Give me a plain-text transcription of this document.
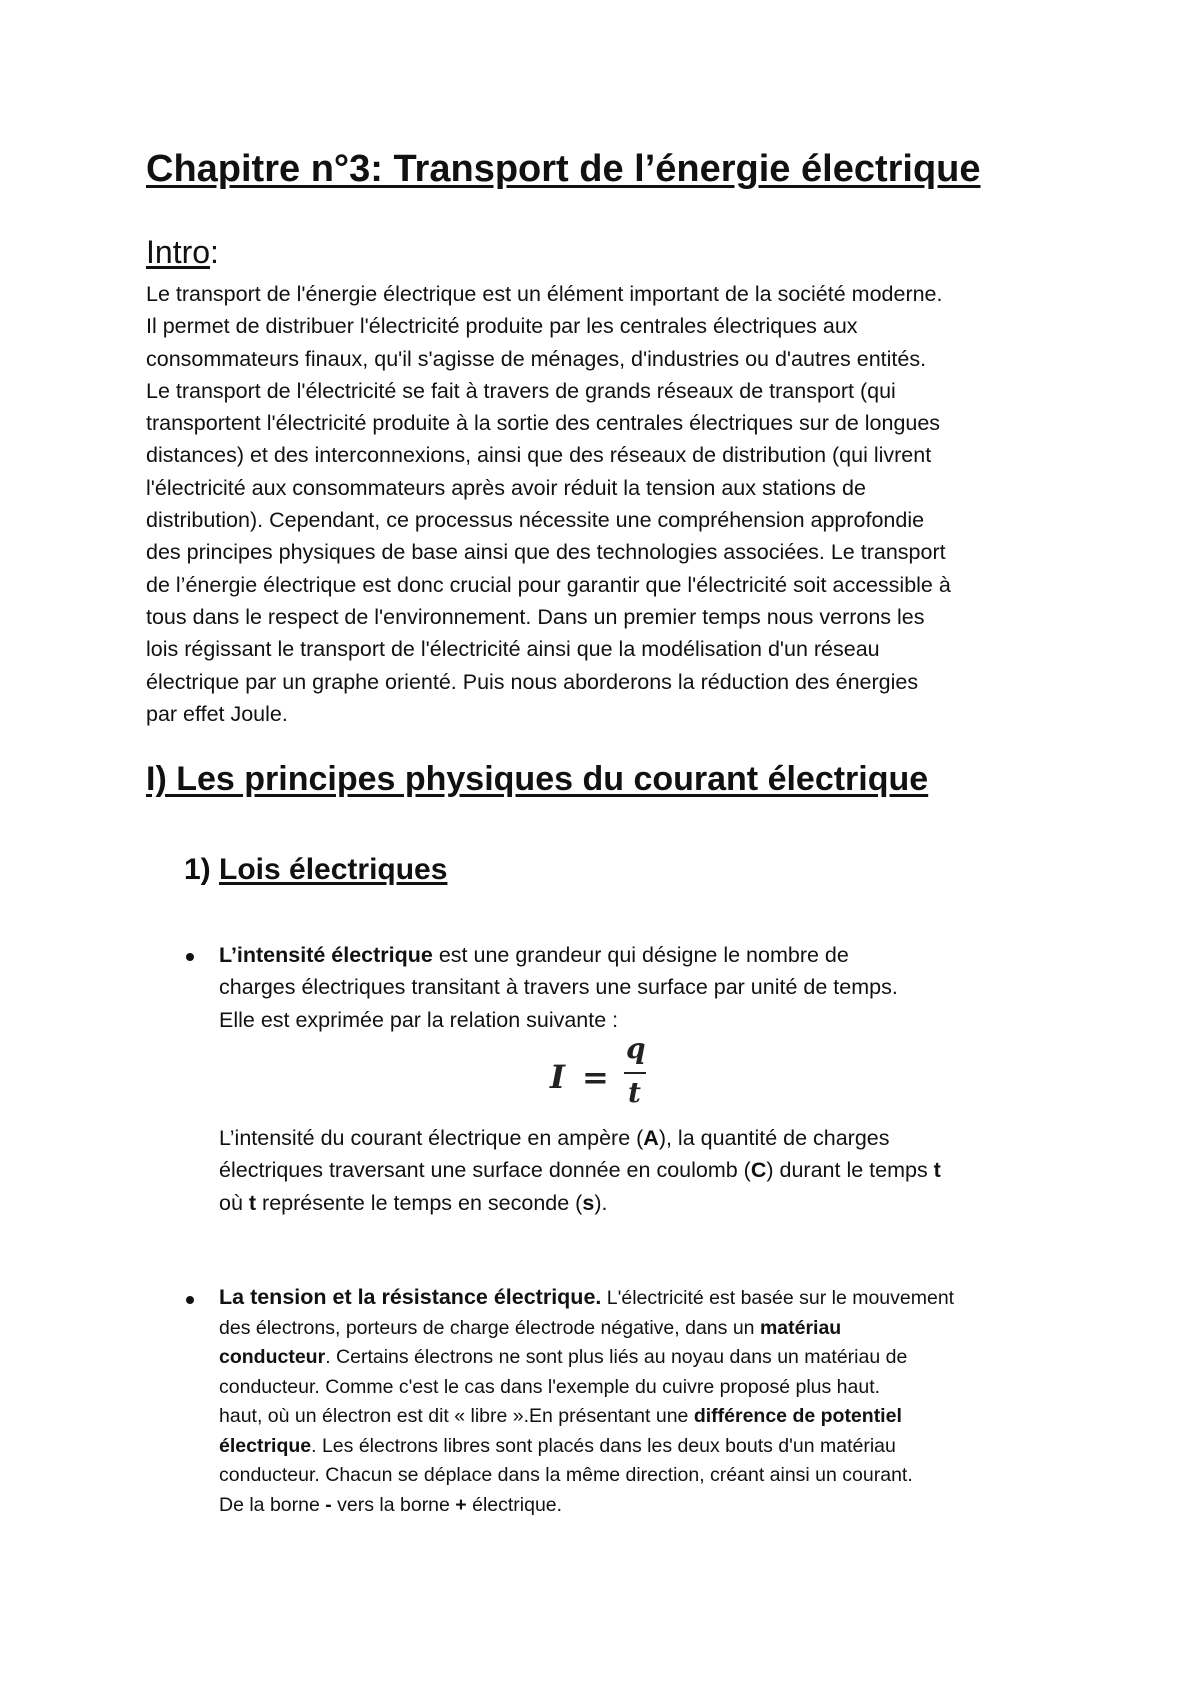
Chapitre n°3: Transport de l’énergie électrique
Intro:

Le transport de l'énergie électrique est un élément important de la société moderne.
Il permet de distribuer l'électricité produite par les centrales électriques aux
consommateurs finaux, qu'il s'agisse de ménages, d'industries ou d'autres entités.
Le transport de l'électricité se fait à travers de grands réseaux de transport (qui
transportent l'électricité produite à la sortie des centrales électriques sur de longues
distances) et des interconnexions, ainsi que des réseaux de distribution (qui livrent
l'électricité aux consommateurs après avoir réduit la tension aux stations de
distribution). Cependant, ce processus nécessite une compréhension approfondie
des principes physiques de base ainsi que des technologies associées. Le transport
de l’énergie électrique est donc crucial pour garantir que l'électricité soit accessible à
tous dans le respect de l'environnement. Dans un premier temps nous verrons les
lois régissant le transport de l'électricité ainsi que la modélisation d'un réseau
électrique par un graphe orienté. Puis nous aborderons la réduction des énergies
par effet Joule.

I) Les principes physiques du courant électrique
1) Lois électriques

L’intensité électrique est une grandeur qui désigne le nombre de
charges électriques transitant à travers une surface par unité de temps.
Elle est exprimée par la relation suivante :

I =
q
t

L’intensité du courant électrique en ampère (A), la quantité de charges
électriques traversant une surface donnée en coulomb (C) durant le temps t
où t représente le temps en seconde (s).

La tension et la résistance électrique. L'électricité est basée sur le mouvement
des électrons, porteurs de charge électrode négative, dans un matériau
conducteur. Certains électrons ne sont plus liés au noyau dans un matériau de
conducteur. Comme c'est le cas dans l'exemple du cuivre proposé plus haut.
haut, où un électron est dit « libre ».En présentant une différence de potentiel
électrique. Les électrons libres sont placés dans les deux bouts d'un matériau
conducteur. Chacun se déplace dans la même direction, créant ainsi un courant.
De la borne - vers la borne + électrique.
